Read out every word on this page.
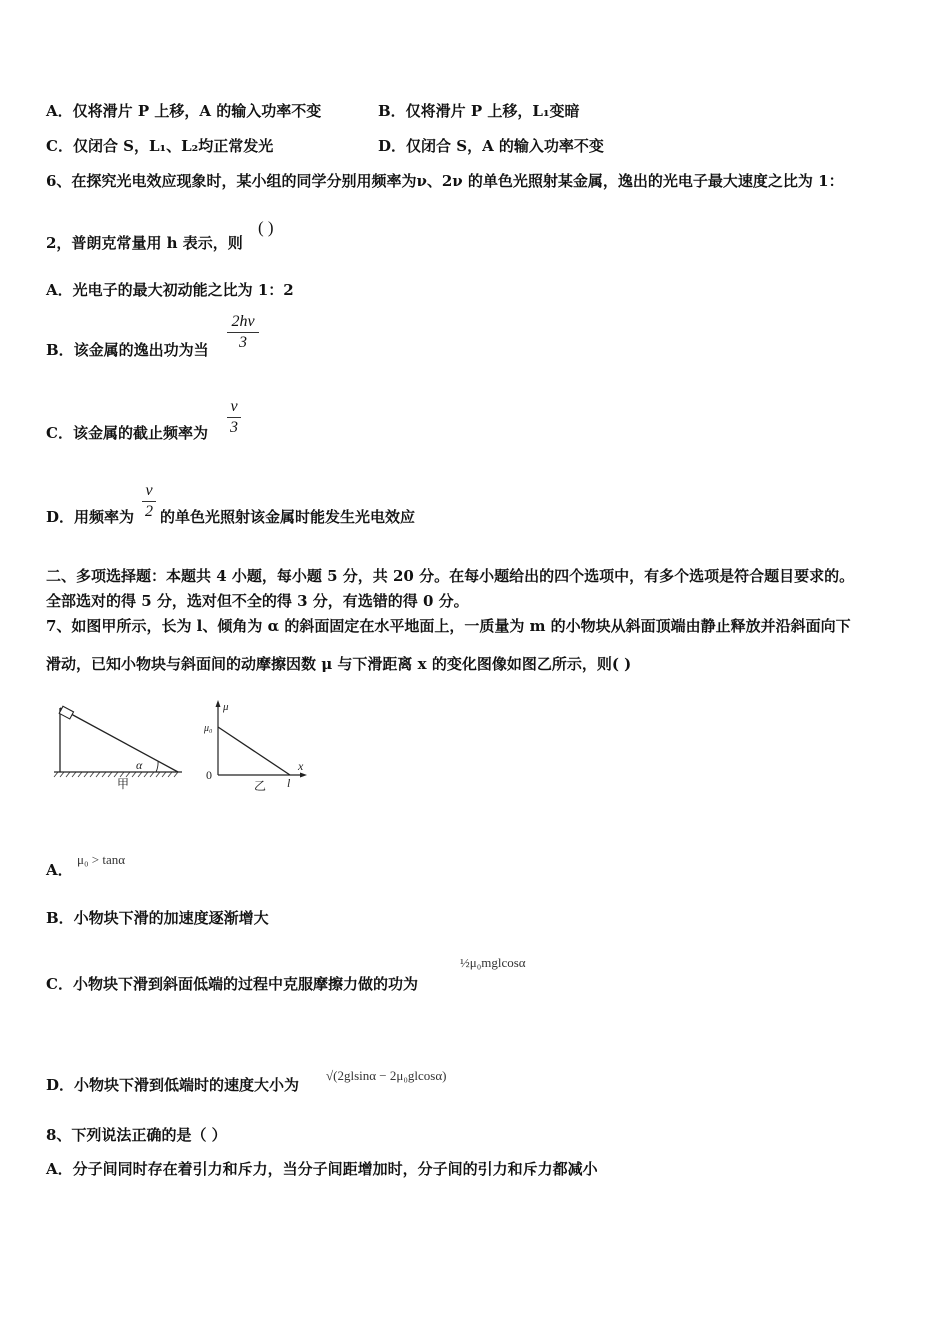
A．仅将滑片 P 上移，A 的输入功率不变	B．仅将滑片 P 上移，L₁变暗
C．仅闭合 S，L₁、L₂均正常发光	D．仅闭合 S，A 的输入功率不变
6、在探究光电效应现象时，某小组的同学分别用频率为ν、2ν 的单色光照射某金属，逸出的光电子最大速度之比为 1：
2，普朗克常量用 h 表示，则
( )
A．光电子的最大初动能之比为 1：2
B．该金属的逸出功为当
2hν
3
C．该金属的截止频率为
ν
3
D．用频率为
ν
2 的单色光照射该金属时能发生光电效应
二、多项选择题：本题共 4 小题，每小题 5 分，共 20 分。在每小题给出的四个选项中，有多个选项是符合题目要求的。
全部选对的得 5 分，选对但不全的得 3 分，有选错的得 0 分。
7、如图甲所示，长为 l、倾角为 α 的斜面固定在水平地面上，一质量为 m 的小物块从斜面顶端由静止释放并沿斜面向下
滑动，已知小物块与斜面间的动摩擦因数 μ 与下滑距离 x 的变化图像如图乙所示，则( )
α
甲
μ
μ₀
0
x
l
乙
A．
μ₀ > tanα
B．小物块下滑的加速度逐渐增大
C．小物块下滑到斜面低端的过程中克服摩擦力做的功为
½μ₀mglcosα
D．小物块下滑到低端时的速度大小为
√(2glsinα − 2μ₀glcosα)
8、下列说法正确的是（ ）
A．分子间同时存在着引力和斥力，当分子间距增加时，分子间的引力和斥力都减小
